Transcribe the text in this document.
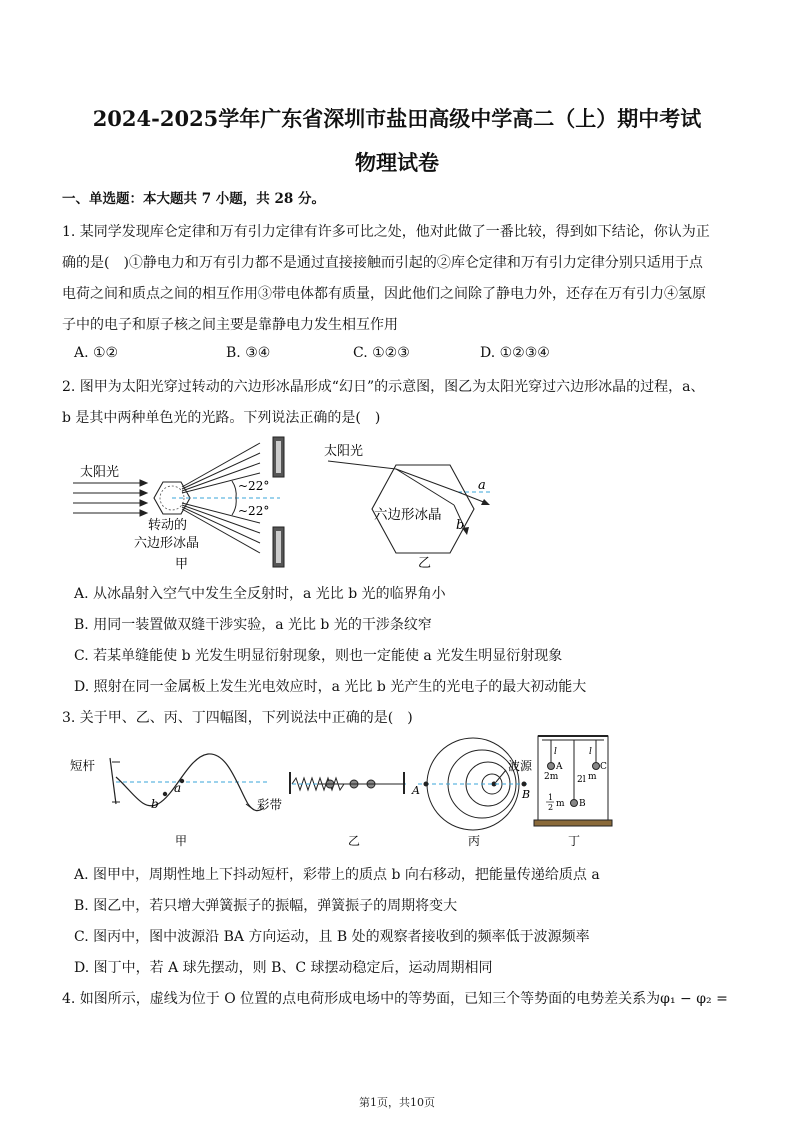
2024-2025学年广东省深圳市盐田高级中学高二（上）期中考试
物理试卷
一、单选题：本大题共 7 小题，共 28 分。
1. 某同学发现库仑定律和万有引力定律有许多可比之处，他对此做了一番比较，得到如下结论，你认为正
确的是(　)①静电力和万有引力都不是通过直接接触而引起的②库仑定律和万有引力定律分别只适用于点
电荷之间和质点之间的相互作用③带电体都有质量，因此他们之间除了静电力外，还存在万有引力④氢原
子中的电子和原子核之间主要是靠静电力发生相互作用
A. ①②	B. ③④	C. ①②③	D. ①②③④
2. 图甲为太阳光穿过转动的六边形冰晶形成“幻日”的示意图，图乙为太阳光穿过六边形冰晶的过程，a、
b 是其中两种单色光的光路。下列说法正确的是(　)
太阳光
~22°
~22°
转动的
六边形冰晶
甲
太阳光
a
b
六边形冰晶
乙
A. 从冰晶射入空气中发生全反射时，a 光比 b 光的临界角小
B. 用同一装置做双缝干涉实验，a 光比 b 光的干涉条纹窄
C. 若某单缝能使 b 光发生明显衍射现象，则也一定能使 a 光发生明显衍射现象
D. 照射在同一金属板上发生光电效应时，a 光比 b 光产生的光电子的最大初动能大
3. 关于甲、乙、丙、丁四幅图，下列说法中正确的是(　)
短杆
a
b	彩带
甲	乙
A	B
波源
丙
l
A
2m
l
C
m
2l
B
1
2 m
丁
A. 图甲中，周期性地上下抖动短杆，彩带上的质点 b 向右移动，把能量传递给质点 a
B. 图乙中，若只增大弹簧振子的振幅，弹簧振子的周期将变大
C. 图丙中，图中波源沿 BA 方向运动，且 B 处的观察者接收到的频率低于波源频率
D. 图丁中，若 A 球先摆动，则 B、C 球摆动稳定后，运动周期相同
4. 如图所示，虚线为位于 O 位置的点电荷形成电场中的等势面，已知三个等势面的电势差关系为φ₁ − φ₂ =
第1页，共10页
